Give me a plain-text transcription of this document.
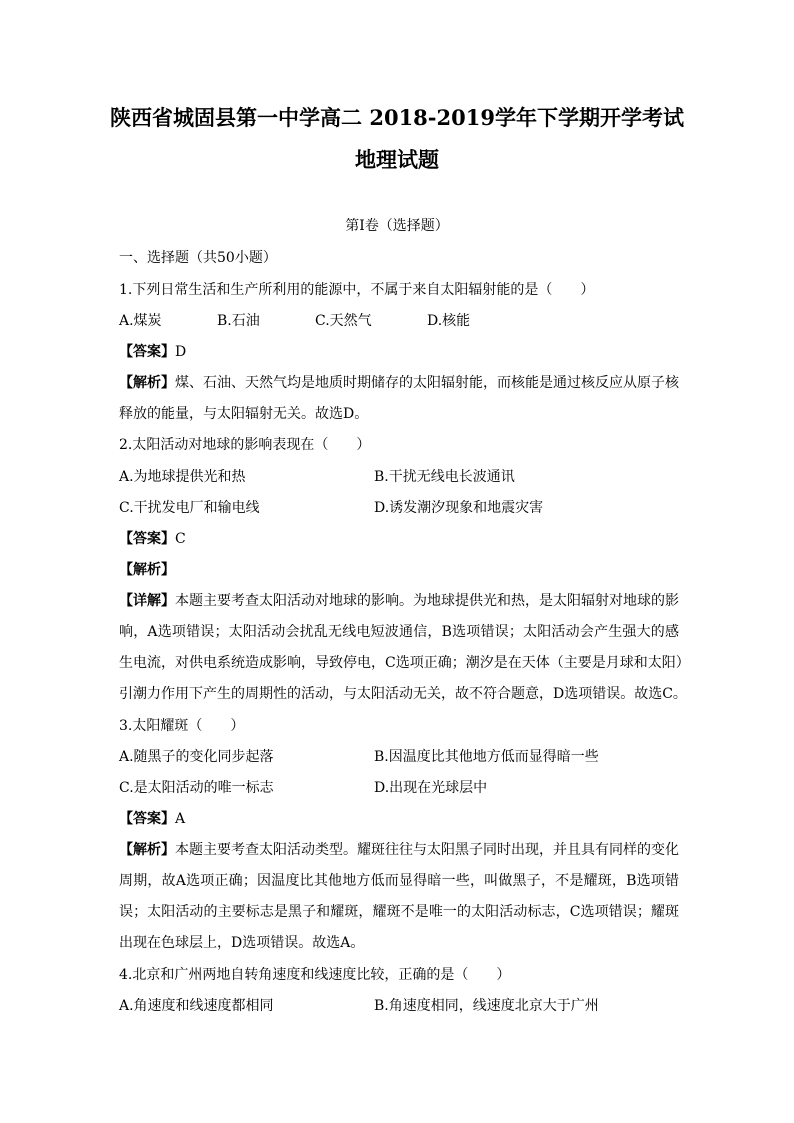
陕西省城固县第一中学高二 2018-2019学年下学期开学考试
地理试题
第Ⅰ卷（选择题）
一、选择题（共50小题）
1.下列日常生活和生产所利用的能源中，不属于来自太阳辐射能的是（　　）
A.煤炭	B.石油	C.天然气	D.核能
【答案】D
【解析】煤、石油、天然气均是地质时期储存的太阳辐射能，而核能是通过核反应从原子核
释放的能量，与太阳辐射无关。故选D。
2.太阳活动对地球的影响表现在（　　）
A.为地球提供光和热	B.干扰无线电长波通讯
C.干扰发电厂和输电线	D.诱发潮汐现象和地震灾害
【答案】C
【解析】
【详解】本题主要考查太阳活动对地球的影响。为地球提供光和热，是太阳辐射对地球的影
响，A选项错误；太阳活动会扰乱无线电短波通信，B选项错误；太阳活动会产生强大的感
生电流，对供电系统造成影响，导致停电，C选项正确；潮汐是在天体（主要是月球和太阳）
引潮力作用下产生的周期性的活动，与太阳活动无关，故不符合题意，D选项错误。故选C。
3.太阳耀斑（　　）
A.随黑子的变化同步起落	B.因温度比其他地方低而显得暗一些
C.是太阳活动的唯一标志	D.出现在光球层中
【答案】A
【解析】本题主要考查太阳活动类型。耀斑往往与太阳黑子同时出现，并且具有同样的变化
周期，故A选项正确；因温度比其他地方低而显得暗一些，叫做黑子，不是耀斑，B选项错
误；太阳活动的主要标志是黑子和耀斑，耀斑不是唯一的太阳活动标志，C选项错误；耀斑
出现在色球层上，D选项错误。故选A。
4.北京和广州两地自转角速度和线速度比较，正确的是（　　）
A.角速度和线速度都相同	B.角速度相同，线速度北京大于广州
